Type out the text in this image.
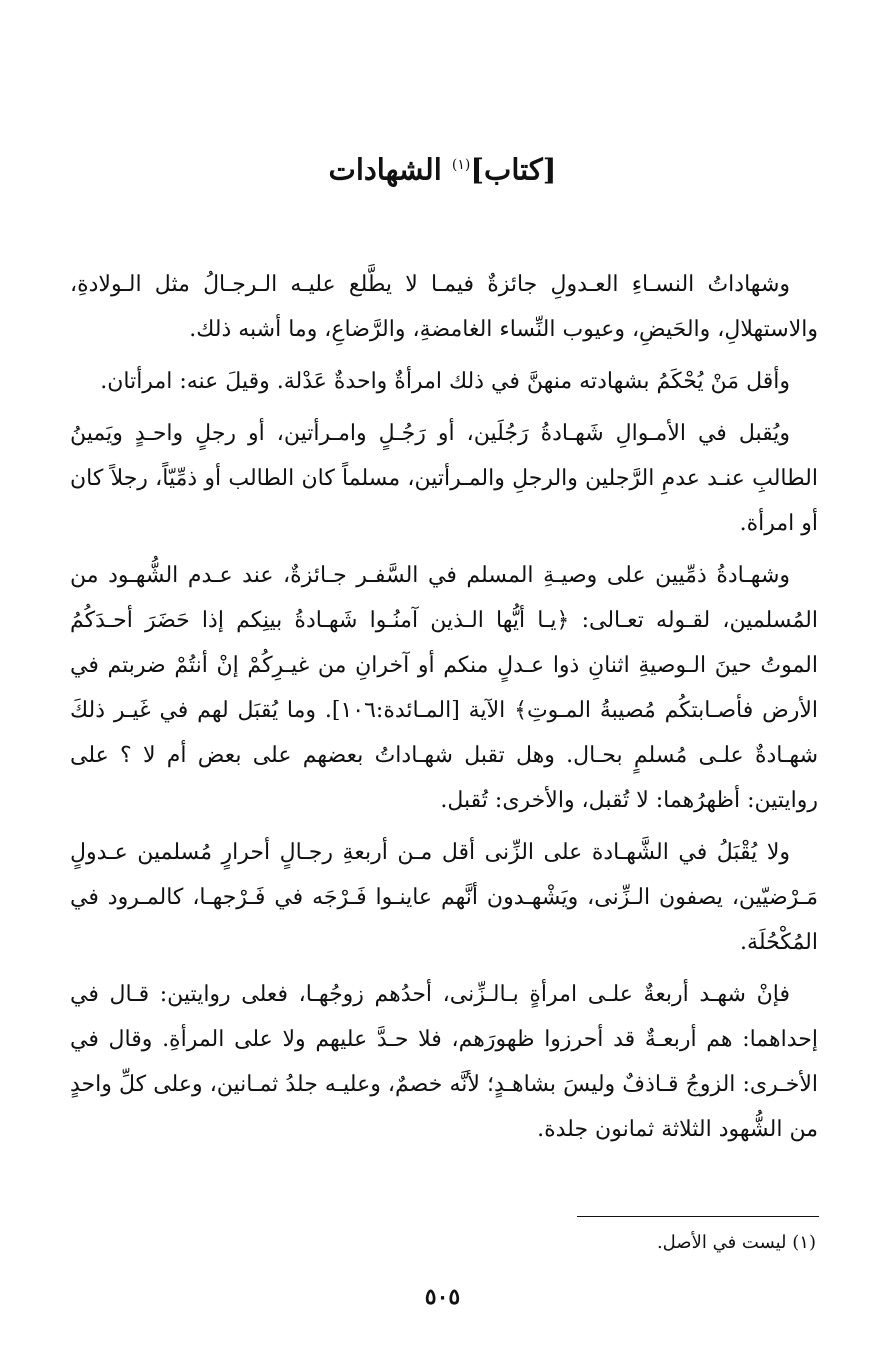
[كتاب]$^{(١)}$ الشهادات

وشهاداتُ النسـاءِ العـدولِ جائزةٌ فيمـا لا يطَّلع عليـه الـرجـالُ مثل الـولادةِ، والاستهلالِ، والحَيضِ، وعيوب النِّساء الغامضةِ، والرَّضاعِ، وما أشبه ذلك.

وأقل مَنْ يُحْكَمُ بشهادته منهنَّ في ذلك امرأةٌ واحدةٌ عَدْلة. وقيلَ عنه: امرأتان.

ويُقبل في الأمـوالِ شَهـادةُ رَجُلَين، أو رَجُـلٍ وامـرأتين، أو رجلٍ واحـدٍ ويَمينُ الطالبِ عنـد عدمِ الرَّجلين والرجلِ والمـرأتين، مسلماً كان الطالب أو ذمِّيّاً، رجلاً كان أو امرأة.

وشهـادةُ ذمِّيين على وصيـةِ المسلم في السَّفـر جـائزةٌ، عند عـدم الشُّهـود من المُسلمين، لقـوله تعـالى: ﴿يـا أيُّها الـذين آمنُـوا شَهـادةُ بينِكم إذا حَضَرَ أحـدَكُمُ الموتُ حينَ الـوصيةِ اثنانِ ذوا عـدلٍ منكم أو آخرانِ من غيـرِكُمْ إنْ أنتُمْ ضربتم في الأرض فأصـابتكُم مُصيبةُ المـوتِ﴾ الآية [المـائدة:١٠٦]. وما يُقبَل لهم في غَيـر ذلكَ شهـادةٌ علـى مُسلمٍ بحـال. وهل تقبل شهـاداتُ بعضهم على بعض أم لا ؟ على روايتين: أظهرُهما: لا تُقبل، والأخرى: تُقبل.

ولا يُقْبَلُ في الشَّهـادة على الزِّنى أقل مـن أربعةِ رجـالٍ أحرارٍ مُسلمين عـدولٍ مَـرْضيّين، يصفون الـزِّنى، ويَشْهـدون أنَّهم عاينـوا فَـرْجَه في فَـرْجهـا، كالمـرود في المُكْحُلَة.

فإنْ شهـد أربعةٌ علـى امرأةٍ بـالـزِّنى، أحدُهم زوجُهـا، فعلى روايتين: قـال في إحداهما: هم أربعـةٌ قد أحرزوا ظهورَهم، فلا حـدَّ عليهم ولا على المرأةِ. وقال في الأخـرى: الزوجُ قـاذفٌ وليسَ بشاهـدٍ؛ لأنَّه خصمٌ، وعليـه جلدُ ثمـانين، وعلى كلِّ واحدٍ من الشُّهود الثلاثة ثمانون جلدة.

(١) ليست في الأصل.
٥٠٥
